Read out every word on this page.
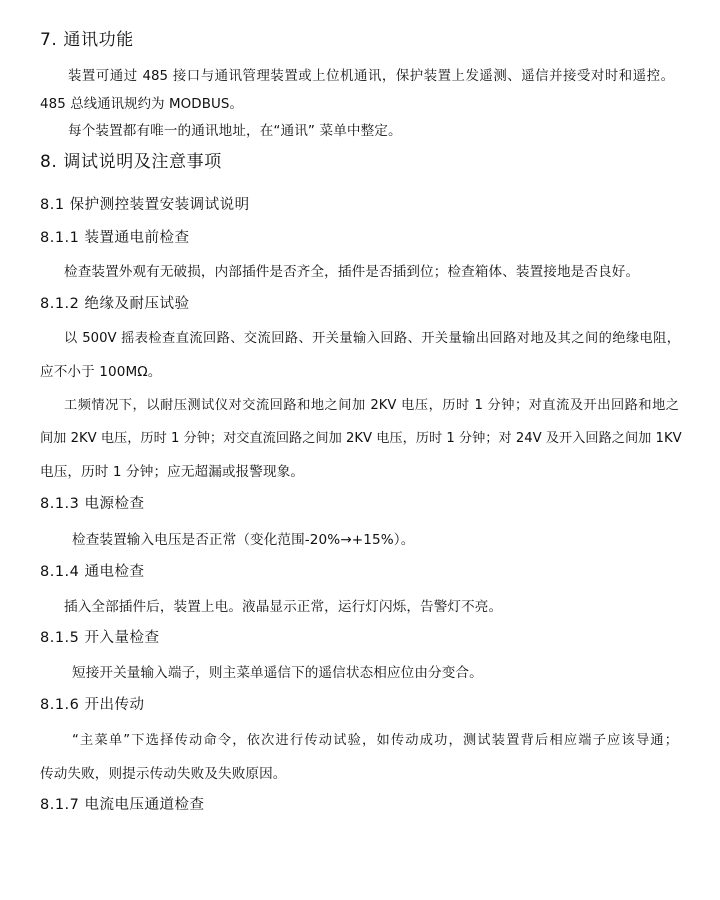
7. 通讯功能
装置可通过 485 接口与通讯管理装置或上位机通讯，保护装置上发遥测、遥信并接受对时和遥控。
485 总线通讯规约为 MODBUS。
每个装置都有唯一的通讯地址，在“通讯” 菜单中整定。
8. 调试说明及注意事项
8.1 保护测控装置安装调试说明
8.1.1 装置通电前检查
检查装置外观有无破损，内部插件是否齐全，插件是否插到位；检查箱体、装置接地是否良好。
8.1.2 绝缘及耐压试验
以 500V 摇表检查直流回路、交流回路、开关量输入回路、开关量输出回路对地及其之间的绝缘电阻，
应不小于 100MΩ。
工频情况下，以耐压测试仪对交流回路和地之间加 2KV 电压，历时 1 分钟；对直流及开出回路和地之
间加 2KV 电压，历时 1 分钟；对交直流回路之间加 2KV 电压，历时 1 分钟；对 24V 及开入回路之间加 1KV
电压，历时 1 分钟；应无超漏或报警现象。
8.1.3 电源检查
检查装置输入电压是否正常（变化范围-20%→+15%）。
8.1.4 通电检查
插入全部插件后，装置上电。液晶显示正常，运行灯闪烁，告警灯不亮。
8.1.5 开入量检查
短接开关量输入端子，则主菜单遥信下的遥信状态相应位由分变合。
8.1.6 开出传动
“主菜单”下选择传动命令，依次进行传动试验，如传动成功，测试装置背后相应端子应该导通；
传动失败，则提示传动失败及失败原因。
8.1.7 电流电压通道检查
